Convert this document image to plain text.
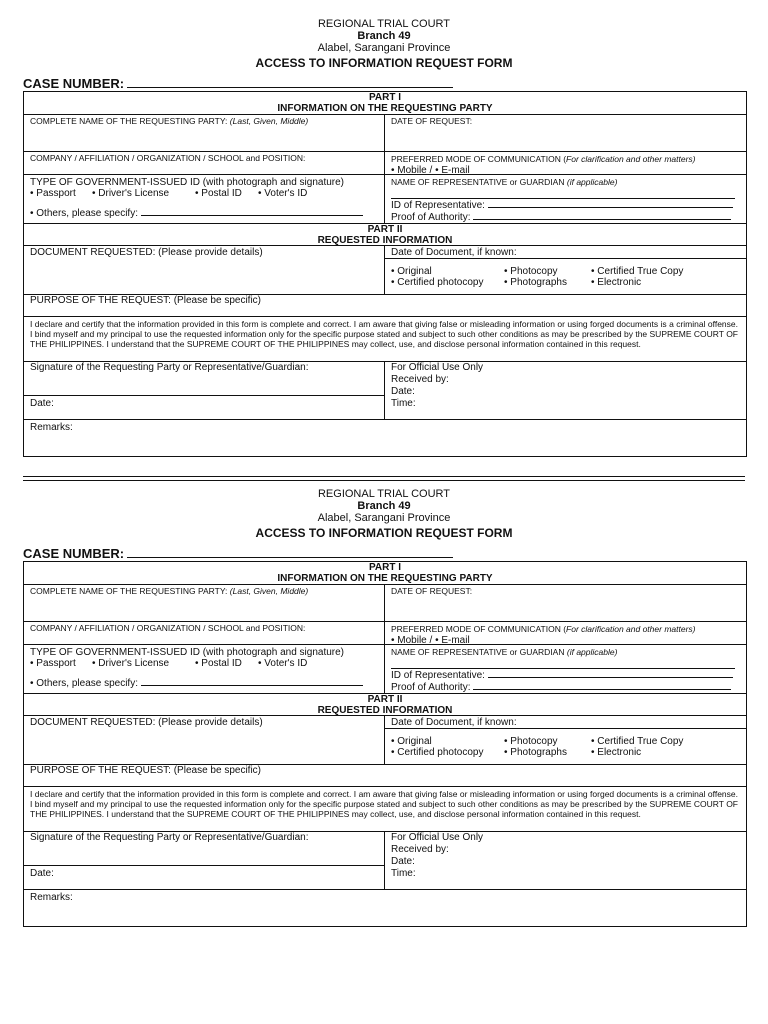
REGIONAL TRIAL COURT
Branch 49
Alabel, Sarangani Province
ACCESS TO INFORMATION REQUEST FORM
CASE NUMBER:
PART I
INFORMATION ON THE REQUESTING PARTY
COMPLETE NAME OF THE REQUESTING PARTY: (Last, Given, Middle)	DATE OF REQUEST:
COMPANY / AFFILIATION / ORGANIZATION / SCHOOL and POSITION:	PREFERRED MODE OF COMMUNICATION (For clarification and other matters)
• Mobile / • E-mail
TYPE OF GOVERNMENT-ISSUED ID (with photograph and signature)
• Passport • Driver's License	• Postal ID • Voter's ID
• Others, please specify:
NAME OF REPRESENTATIVE or GUARDIAN (if applicable)
ID of Representative:
Proof of Authority:
PART II
REQUESTED INFORMATION
DOCUMENT REQUESTED: (Please provide details)	Date of Document, if known:
• Original	• Photocopy	• Certified True Copy
• Certified photocopy • Photographs • Electronic
PURPOSE OF THE REQUEST: (Please be specific)
I declare and certify that the information provided in this form is complete and correct. I am aware that giving false or misleading information or using forged documents is a criminal offense. I bind myself and my principal to use the requested information only for the specific purpose stated and subject to such other conditions as may be prescribed by the SUPREME COURT OF THE PHILIPPINES. I understand that the SUPREME COURT OF THE PHILIPPINES may collect, use, and disclose personal information contained in this request.
Signature of the Requesting Party or Representative/Guardian:
Date:
For Official Use Only
Received by:
Date:
Time:
Remarks:
REGIONAL TRIAL COURT
Branch 49
Alabel, Sarangani Province
ACCESS TO INFORMATION REQUEST FORM
CASE NUMBER:
PART I
INFORMATION ON THE REQUESTING PARTY
COMPLETE NAME OF THE REQUESTING PARTY: (Last, Given, Middle)	DATE OF REQUEST:
COMPANY / AFFILIATION / ORGANIZATION / SCHOOL and POSITION:	PREFERRED MODE OF COMMUNICATION (For clarification and other matters)
• Mobile / • E-mail
TYPE OF GOVERNMENT-ISSUED ID (with photograph and signature)
• Passport • Driver's License	• Postal ID • Voter's ID
• Others, please specify:
NAME OF REPRESENTATIVE or GUARDIAN (if applicable)
ID of Representative:
Proof of Authority:
PART II
REQUESTED INFORMATION
DOCUMENT REQUESTED: (Please provide details)	Date of Document, if known:
• Original	• Photocopy	• Certified True Copy
• Certified photocopy • Photographs • Electronic
PURPOSE OF THE REQUEST: (Please be specific)
I declare and certify that the information provided in this form is complete and correct. I am aware that giving false or misleading information or using forged documents is a criminal offense. I bind myself and my principal to use the requested information only for the specific purpose stated and subject to such other conditions as may be prescribed by the SUPREME COURT OF THE PHILIPPINES. I understand that the SUPREME COURT OF THE PHILIPPINES may collect, use, and disclose personal information contained in this request.
Signature of the Requesting Party or Representative/Guardian:
Date:
For Official Use Only
Received by:
Date:
Time:
Remarks:
